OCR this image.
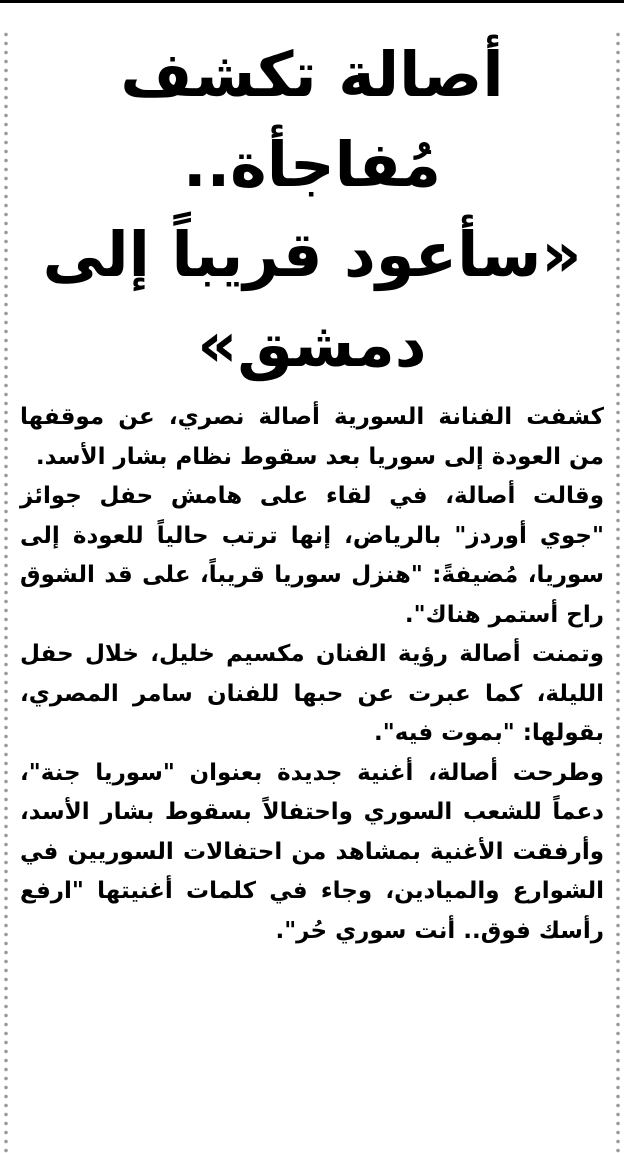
أصالة تكشف مُفاجأة..
«سأعود قريباً إلى دمشق»

كشفت الفنانة السورية أصالة نصري، عن موقفها من العودة إلى سوريا بعد سقوط نظام بشار الأسد.

وقالت أصالة، في لقاء على هامش حفل جوائز "جوي أوردز" بالرياض، إنها ترتب حالياً للعودة إلى سوريا، مُضيفةً: "هنزل سوريا قريباً، على قد الشوق راح أستمر هناك".

وتمنت أصالة رؤية الفنان مكسيم خليل، خلال حفل الليلة، كما عبرت عن حبها للفنان سامر المصري، بقولها: "بموت فيه".

وطرحت أصالة، أغنية جديدة بعنوان "سوريا جنة"، دعماً للشعب السوري واحتفالاً بسقوط بشار الأسد، وأرفقت الأغنية بمشاهد من احتفالات السوريين في الشوارع والميادين، وجاء في كلمات أغنيتها "ارفع رأسك فوق.. أنت سوري حُر".
